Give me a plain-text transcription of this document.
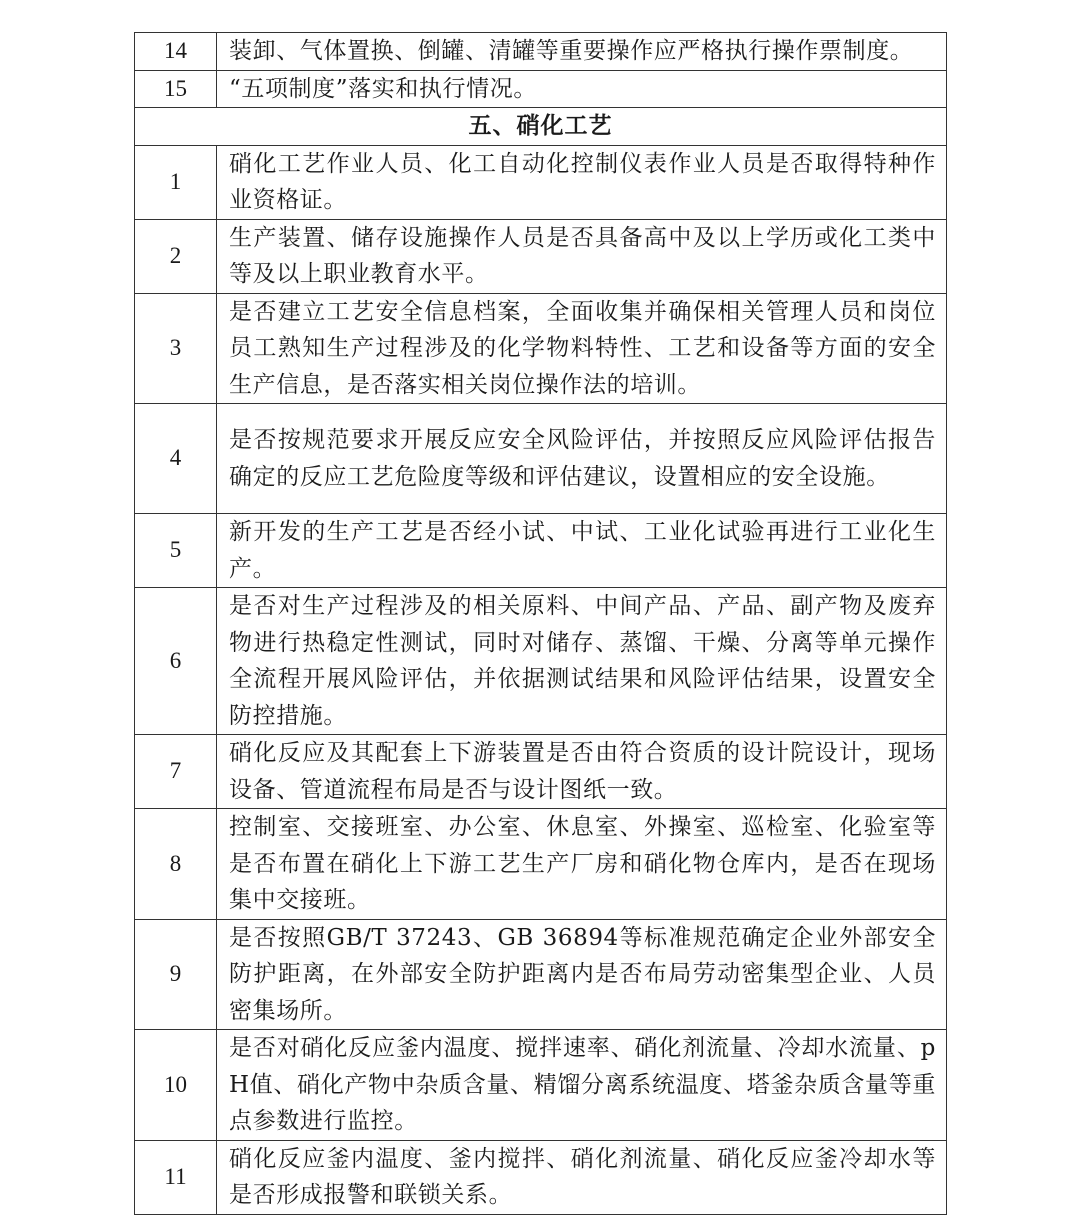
14	装卸、气体置换、倒罐、清罐等重要操作应严格执行操作票制度。
15	“五项制度”落实和执行情况。
五、硝化工艺	
1	硝化工艺作业人员、化工自动化控制仪表作业人员是否取得特种作业资格证。
2	生产装置、储存设施操作人员是否具备高中及以上学历或化工类中等及以上职业教育水平。
3	是否建立工艺安全信息档案，全面收集并确保相关管理人员和岗位员工熟知生产过程涉及的化学物料特性、工艺和设备等方面的安全生产信息，是否落实相关岗位操作法的培训。
4	是否按规范要求开展反应安全风险评估，并按照反应风险评估报告确定的反应工艺危险度等级和评估建议，设置相应的安全设施。
5	新开发的生产工艺是否经小试、中试、工业化试验再进行工业化生产。
6	是否对生产过程涉及的相关原料、中间产品、产品、副产物及废弃物进行热稳定性测试，同时对储存、蒸馏、干燥、分离等单元操作全流程开展风险评估，并依据测试结果和风险评估结果，设置安全防控措施。
7	硝化反应及其配套上下游装置是否由符合资质的设计院设计，现场设备、管道流程布局是否与设计图纸一致。
8	控制室、交接班室、办公室、休息室、外操室、巡检室、化验室等是否布置在硝化上下游工艺生产厂房和硝化物仓库内，是否在现场集中交接班。
9	是否按照GB/T 37243、GB 36894等标准规范确定企业外部安全防护距离，在外部安全防护距离内是否布局劳动密集型企业、人员密集场所。
10	是否对硝化反应釜内温度、搅拌速率、硝化剂流量、冷却水流量、pH值、硝化产物中杂质含量、精馏分离系统温度、塔釜杂质含量等重点参数进行监控。
11	硝化反应釜内温度、釜内搅拌、硝化剂流量、硝化反应釜冷却水等是否形成报警和联锁关系。
